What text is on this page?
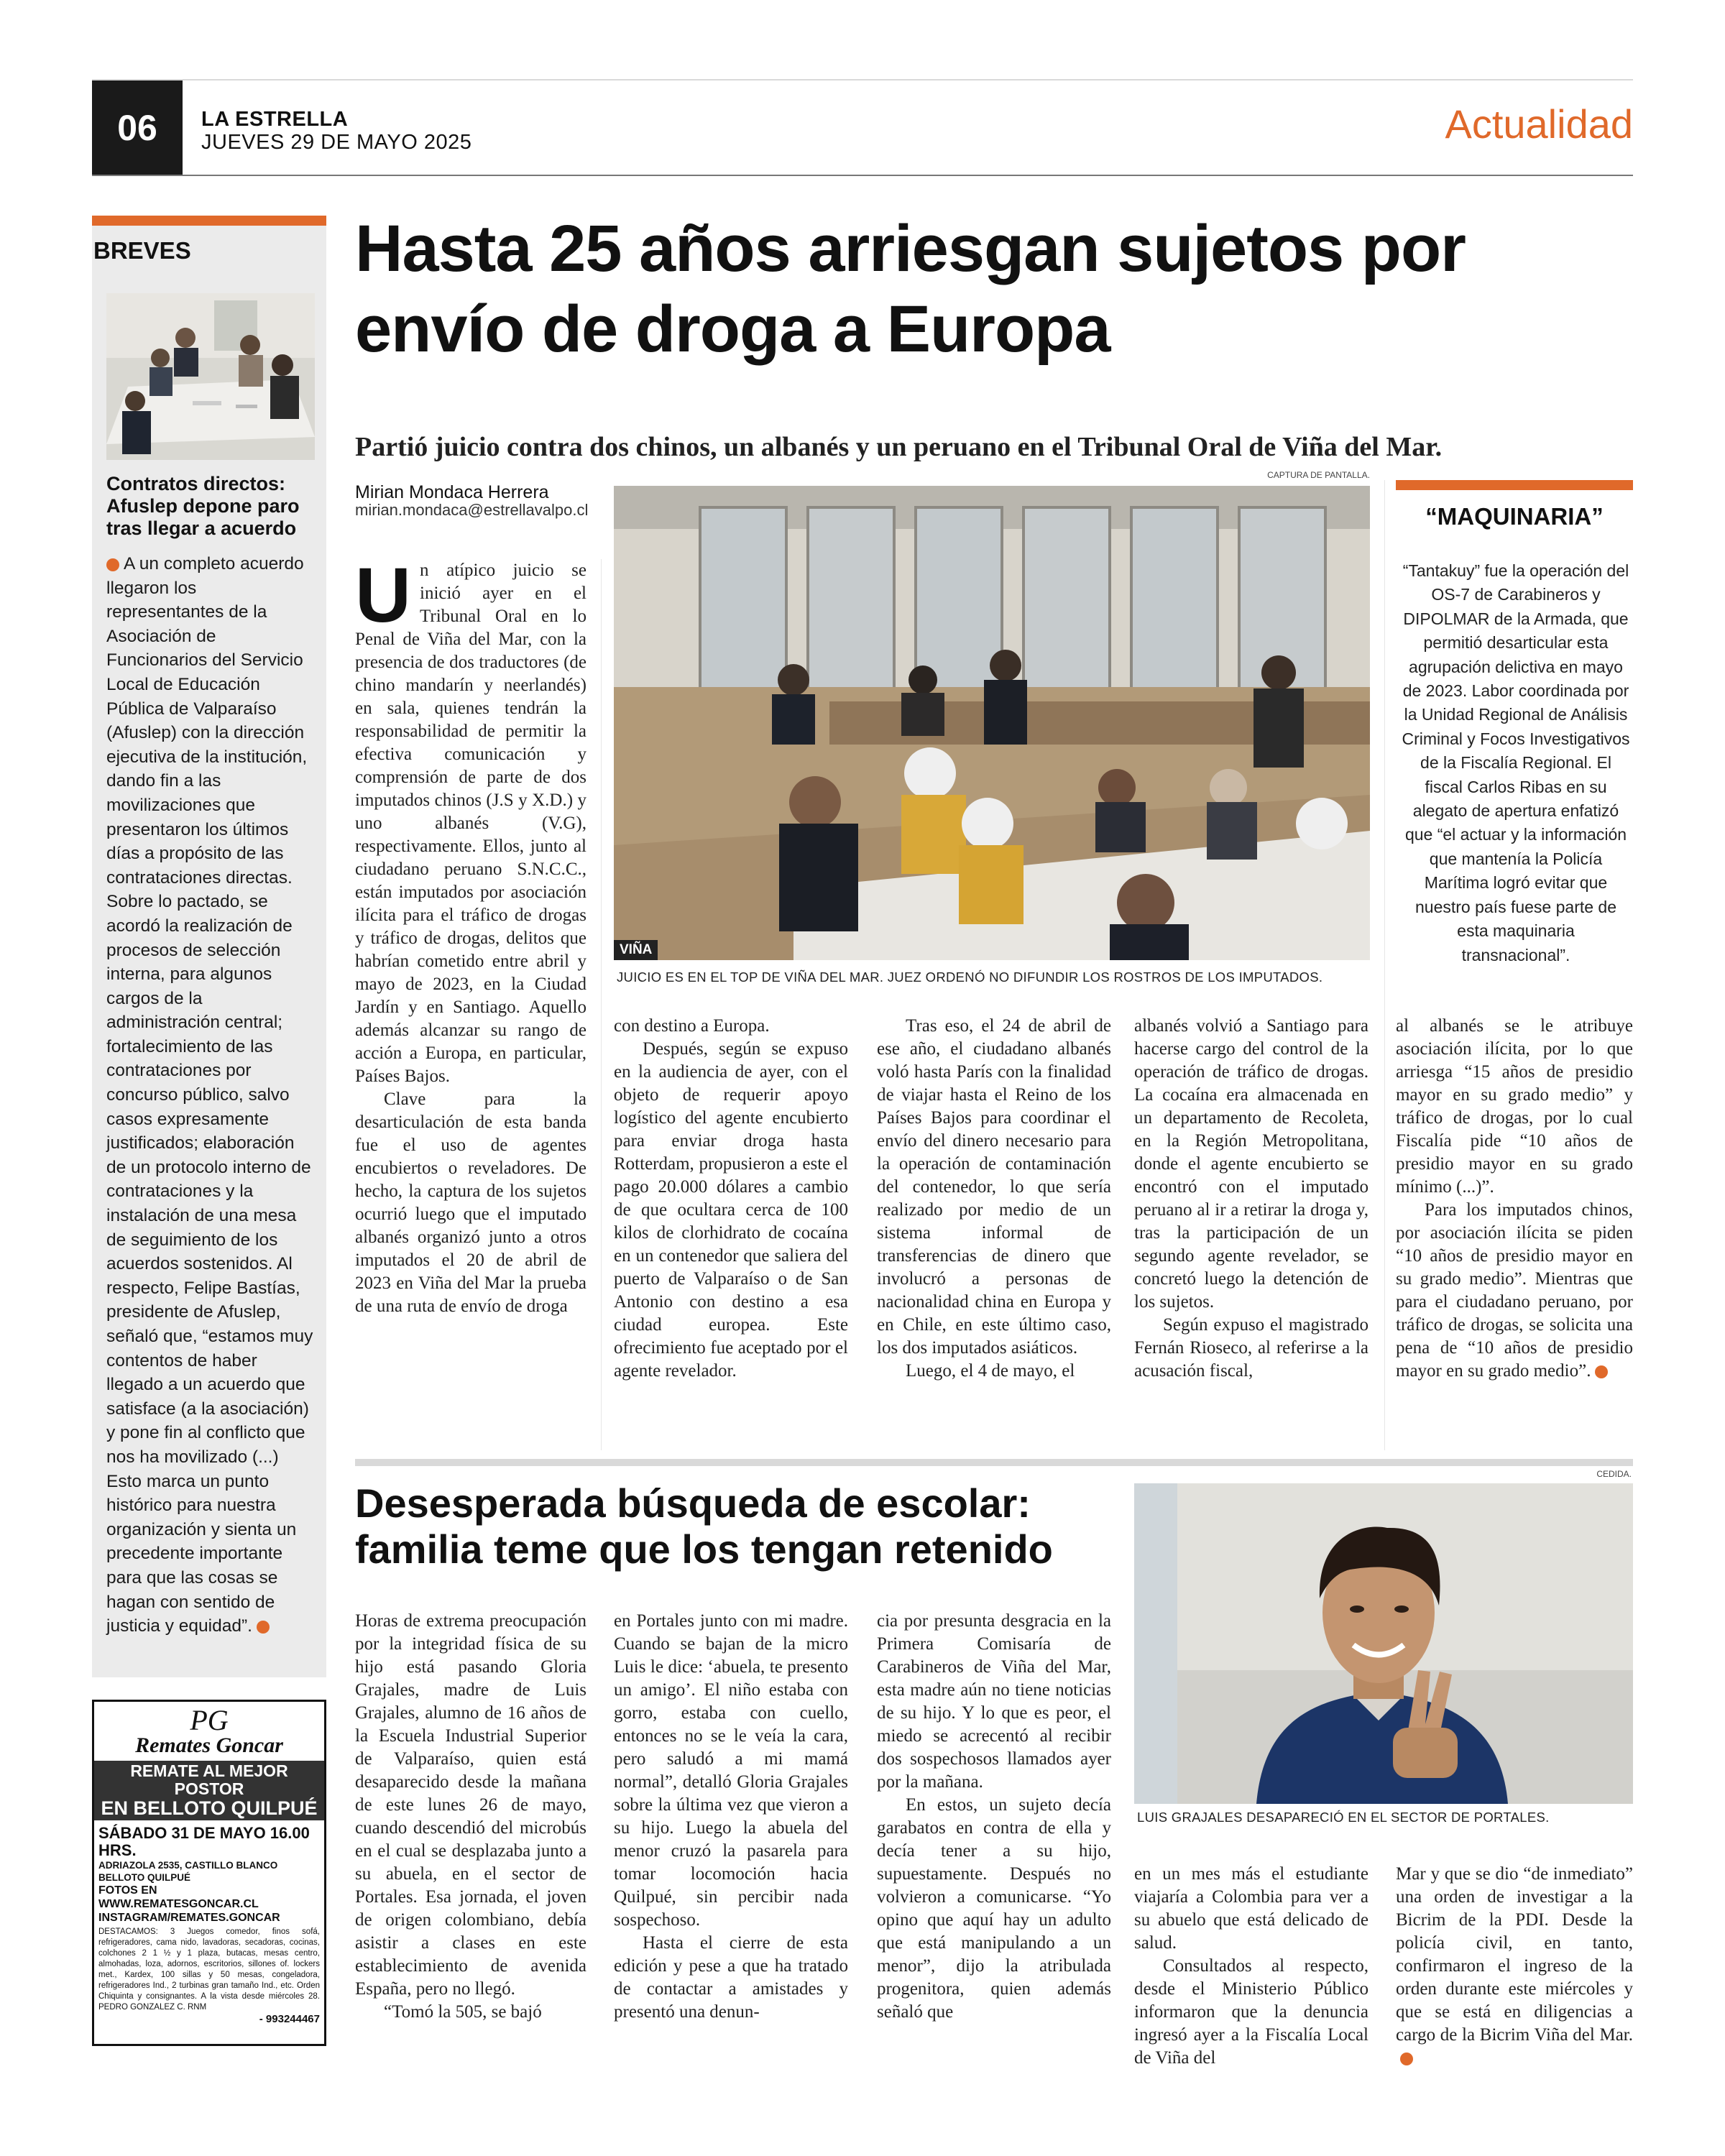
06 LA ESTRELLA
JUEVES 29 DE MAYO 2025	Actualidad
BREVES
Contratos directos: Afuslep depone paro tras llegar a acuerdo
A un completo acuerdo llegaron los representantes de la Asociación de Funcionarios del Servicio Local de Educación Pública de Valparaíso (Afuslep) con la dirección ejecutiva de la institución, dando fin a las movilizaciones que presentaron los últimos días a propósito de las contrataciones directas. Sobre lo pactado, se acordó la realización de procesos de selección interna, para algunos cargos de la administración central; fortalecimiento de las contrataciones por concurso público, salvo casos expresamente justificados; elaboración de un protocolo interno de contrataciones y la instalación de una mesa de seguimiento de los acuerdos sostenidos. Al respecto, Felipe Bastías, presidente de Afuslep, señaló que, “estamos muy contentos de haber llegado a un acuerdo que satisface (a la asociación) y pone fin al conflicto que nos ha movilizado (...) Esto marca un punto histórico para nuestra organización y sienta un precedente importante para que las cosas se hagan con sentido de justicia y equidad”.
PG
Remates Goncar
REMATE AL MEJOR POSTOR
EN BELLOTO QUILPUÉ
SÁBADO 31 DE MAYO 16.00 HRS.
ADRIAZOLA 2535, CASTILLO BLANCO BELLOTO QUILPUÉ
FOTOS EN WWW.REMATESGONCAR.CL
INSTAGRAM/REMATES.GONCAR
DESTACAMOS: 3 Juegos comedor, finos sofá, refrigeradores, cama nido, lavadoras, secadoras, cocinas, colchones 2 1 ½ y 1 plaza, butacas, mesas centro, almohadas, loza, adornos, escritorios, sillones of. lockers met., Kardex, 100 sillas y 50 mesas, congeladora, refrigeradores Ind., 2 turbinas gran tamaño Ind., etc. Orden Chiquinta y consignantes. A la vista desde miércoles 28. PEDRO GONZALEZ C. RNM
- 993244467
Hasta 25 años arriesgan sujetos por envío de droga a Europa
Partió juicio contra dos chinos, un albanés y un peruano en el Tribunal Oral de Viña del Mar.
Mirian Mondaca Herrera
mirian.mondaca@estrellavalpo.cl
CAPTURA DE PANTALLA.
VIÑA
JUICIO ES EN EL TOP DE VIÑA DEL MAR. JUEZ ORDENÓ NO DIFUNDIR LOS ROSTROS DE LOS IMPUTADOS.
U n atípico juicio se inició ayer en el Tribunal Oral en lo Penal de Viña del Mar, con la presencia de dos traductores (de chino mandarín y neerlandés) en sala, quienes tendrán la responsabilidad de permitir la efectiva comunicación y comprensión de parte de dos imputados chinos (J.S y X.D.) y uno albanés (V.G), respectivamente. Ellos, junto al ciudadano peruano S.N.C.C., están imputados por asociación ilícita para el tráfico de drogas y tráfico de drogas, delitos que habrían cometido entre abril y mayo de 2023, en la Ciudad Jardín y en Santiago. Aquello además alcanzar su rango de acción a Europa, en particular, Países Bajos.

Clave para la desarticulación de esta banda fue el uso de agentes encubiertos o reveladores. De hecho, la captura de los sujetos ocurrió luego que el imputado albanés organizó junto a otros imputados el 20 de abril de 2023 en Viña del Mar la prueba de una ruta de envío de droga

con destino a Europa.

Después, según se expuso en la audiencia de ayer, con el objeto de requerir apoyo logístico del agente encubierto para enviar droga hasta Rotterdam, propusieron a este el pago 20.000 dólares a cambio de que ocultara cerca de 100 kilos de clorhidrato de cocaína en un contenedor que saliera del puerto de Valparaíso o de San Antonio con destino a esa ciudad europea. Este ofrecimiento fue aceptado por el agente revelador.

Tras eso, el 24 de abril de ese año, el ciudadano albanés voló hasta París con la finalidad de viajar hasta el Reino de los Países Bajos para coordinar el envío del dinero necesario para la operación de contaminación del contenedor, lo que sería realizado por medio de un sistema informal de transferencias de dinero que involucró a personas de nacionalidad china en Europa y en Chile, en este último caso, los dos imputados asiáticos.

Luego, el 4 de mayo, el

albanés volvió a Santiago para hacerse cargo del control de la operación de tráfico de drogas. La cocaína era almacenada en un departamento de Recoleta, en la Región Metropolitana, donde el agente encubierto se encontró con el imputado peruano al ir a retirar la droga y, tras la participación de un segundo agente revelador, se concretó luego la detención de los sujetos.

Según expuso el magistrado Fernán Rioseco, al referirse a la acusación fiscal,

al albanés se le atribuye asociación ilícita, por lo que arriesga “15 años de presidio mayor en su grado medio” y tráfico de drogas, por lo cual Fiscalía pide “10 años de presidio mayor en su grado mínimo (...)”.

Para los imputados chinos, por asociación ilícita se piden “10 años de presidio mayor en su grado medio”. Mientras que para el ciudadano peruano, por tráfico de drogas, se solicita una pena de “10 años de presidio mayor en su grado medio”.

“MAQUINARIA”
“Tantakuy” fue la operación del OS-7 de Carabineros y DIPOLMAR de la Armada, que permitió desarticular esta agrupación delictiva en mayo de 2023. Labor coordinada por la Unidad Regional de Análisis Criminal y Focos Investigativos de la Fiscalía Regional. El fiscal Carlos Ribas en su alegato de apertura enfatizó que “el actuar y la información que mantenía la Policía Marítima logró evitar que nuestro país fuese parte de esta maquinaria transnacional”.
Desesperada búsqueda de escolar: familia teme que los tengan retenido
CEDIDA.
LUIS GRAJALES DESAPARECIÓ EN EL SECTOR DE PORTALES.

Horas de extrema preocupación por la integridad física de su hijo está pasando Gloria Grajales, madre de Luis Grajales, alumno de 16 años de la Escuela Industrial Superior de Valparaíso, quien está desaparecido desde la mañana de este lunes 26 de mayo, cuando descendió del microbús en el cual se desplazaba junto a su abuela, en el sector de Portales. Esa jornada, el joven de origen colombiano, debía asistir a clases en este establecimiento de avenida España, pero no llegó.

“Tomó la 505, se bajó

en Portales junto con mi madre. Cuando se bajan de la micro Luis le dice: ‘abuela, te presento un amigo’. El niño estaba con gorro, estaba con cuello, entonces no se le veía la cara, pero saludó a mi mamá normal”, detalló Gloria Grajales sobre la última vez que vieron a su hijo. Luego la abuela del menor cruzó la pasarela para tomar locomoción hacia Quilpué, sin percibir nada sospechoso.

Hasta el cierre de esta edición y pese a que ha tratado de contactar a amistades y presentó una denun-

cia por presunta desgracia en la Primera Comisaría de Carabineros de Viña del Mar, esta madre aún no tiene noticias de su hijo. Y lo que es peor, el miedo se acrecentó al recibir dos sospechosos llamados ayer por la mañana.

En estos, un sujeto decía garabatos en contra de ella y decía tener a su hijo, supuestamente. Después no volvieron a comunicarse. “Yo opino que aquí hay un adulto que está manipulando a un menor”, dijo la atribulada progenitora, quien además señaló que

en un mes más el estudiante viajaría a Colombia para ver a su abuelo que está delicado de salud.

Consultados al respecto, desde el Ministerio Público informaron que la denuncia ingresó ayer a la Fiscalía Local de Viña del

Mar y que se dio “de inmediato” una orden de investigar a la Bicrim de la PDI. Desde la policía civil, en tanto, confirmaron el ingreso de la orden durante este miércoles y que se está en diligencias a cargo de la Bicrim Viña del Mar.
